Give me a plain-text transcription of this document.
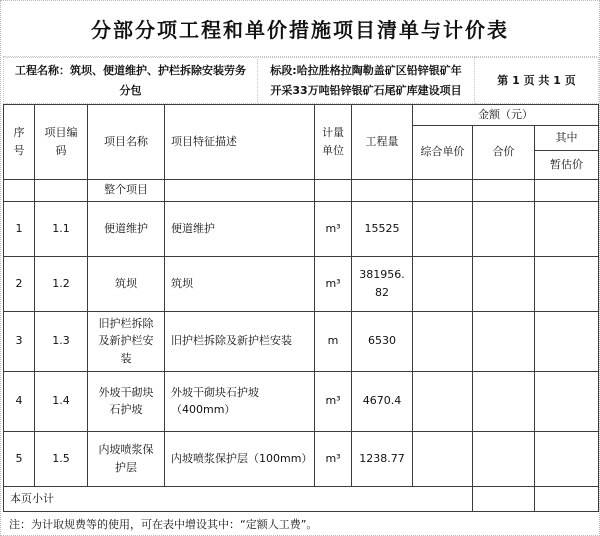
分部分项工程和单价措施项目清单与计价表
工程名称：筑坝、便道维护、护栏拆除安装劳务分包	标段:哈拉胜格拉陶勒盖矿区铅锌银矿年开采33万吨铅锌银矿石尾矿库建设项目	第 1 页 共 1 页
序号	项目编码	项目名称	项目特征描述	计量单位	工程量	金额（元）		
						综合单价	合价	其中
								暂估价
		整个项目						
1	1.1	便道维护	便道维护	m³	15525			
2	1.2	筑坝	筑坝	m³	381956.82			
3	1.3	旧护栏拆除及新护栏安装	旧护栏拆除及新护栏安装	m	6530			
4	1.4	外坡干砌块石护坡	外坡干砌块石护坡（400mm）	m³	4670.4			
5	1.5	内坡喷浆保护层	内坡喷浆保护层（100mm）	m³	1238.77			
本页小计								
注：为计取规费等的使用，可在表中增设其中：“定额人工费”。
